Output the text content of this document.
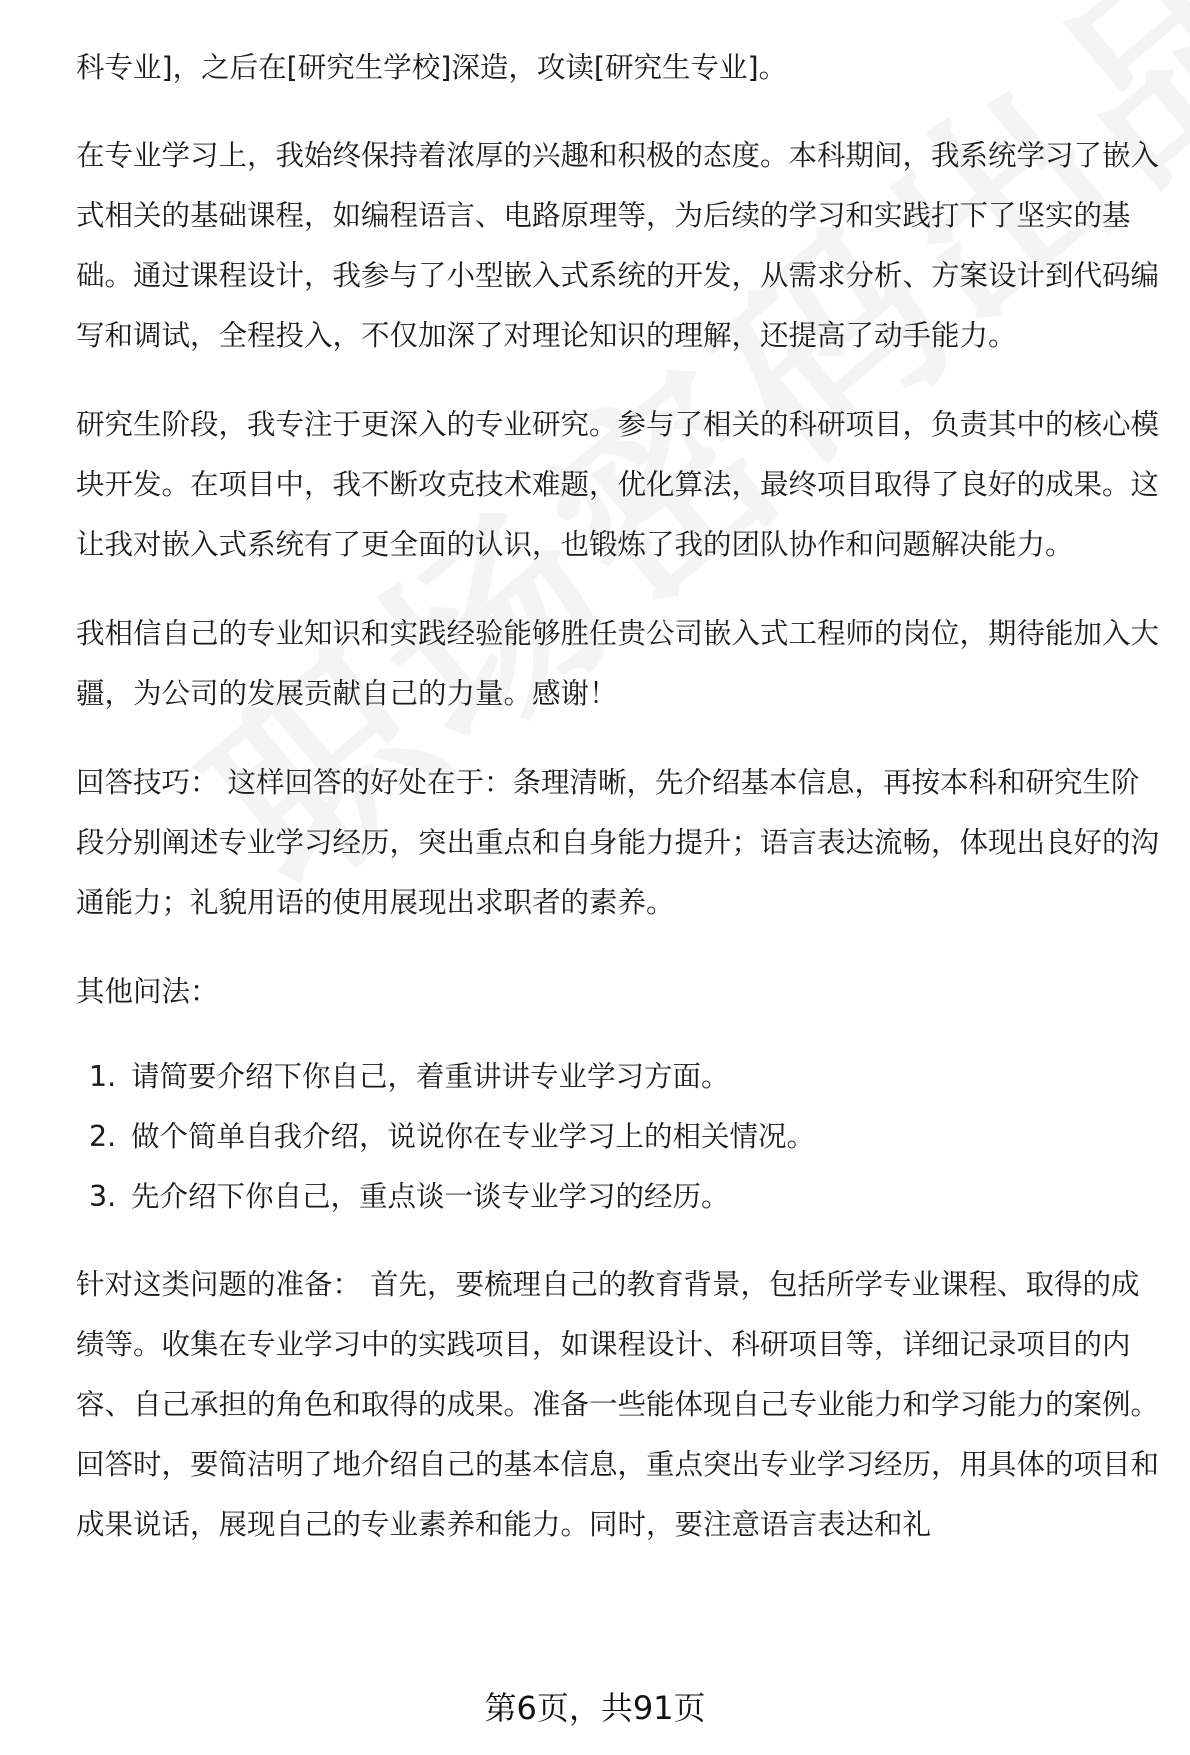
科专业]，之后在[研究生学校]深造，攻读[研究生专业]。

在专业学习上，我始终保持着浓厚的兴趣和积极的态度。本科期间，我系统学习了嵌入式相关的基础课程，如编程语言、电路原理等，为后续的学习和实践打下了坚实的基础。通过课程设计，我参与了小型嵌入式系统的开发，从需求分析、方案设计到代码编写和调试，全程投入，不仅加深了对理论知识的理解，还提高了动手能力。

研究生阶段，我专注于更深入的专业研究。参与了相关的科研项目，负责其中的核心模块开发。在项目中，我不断攻克技术难题，优化算法，最终项目取得了良好的成果。这让我对嵌入式系统有了更全面的认识，也锻炼了我的团队协作和问题解决能力。

我相信自己的专业知识和实践经验能够胜任贵公司嵌入式工程师的岗位，期待能加入大疆，为公司的发展贡献自己的力量。感谢！

回答技巧： 这样回答的好处在于：条理清晰，先介绍基本信息，再按本科和研究生阶段分别阐述专业学习经历，突出重点和自身能力提升；语言表达流畅，体现出良好的沟通能力；礼貌用语的使用展现出求职者的素养。

其他问法：

1. 请简要介绍下你自己，着重讲讲专业学习方面。
2. 做个简单自我介绍，说说你在专业学习上的相关情况。
3. 先介绍下你自己，重点谈一谈专业学习的经历。

针对这类问题的准备： 首先，要梳理自己的教育背景，包括所学专业课程、取得的成绩等。收集在专业学习中的实践项目，如课程设计、科研项目等，详细记录项目的内容、自己承担的角色和取得的成果。准备一些能体现自己专业能力和学习能力的案例。 回答时，要简洁明了地介绍自己的基本信息，重点突出专业学习经历，用具体的项目和成果说话，展现自己的专业素养和能力。同时，要注意语言表达和礼

第6页，共91页
